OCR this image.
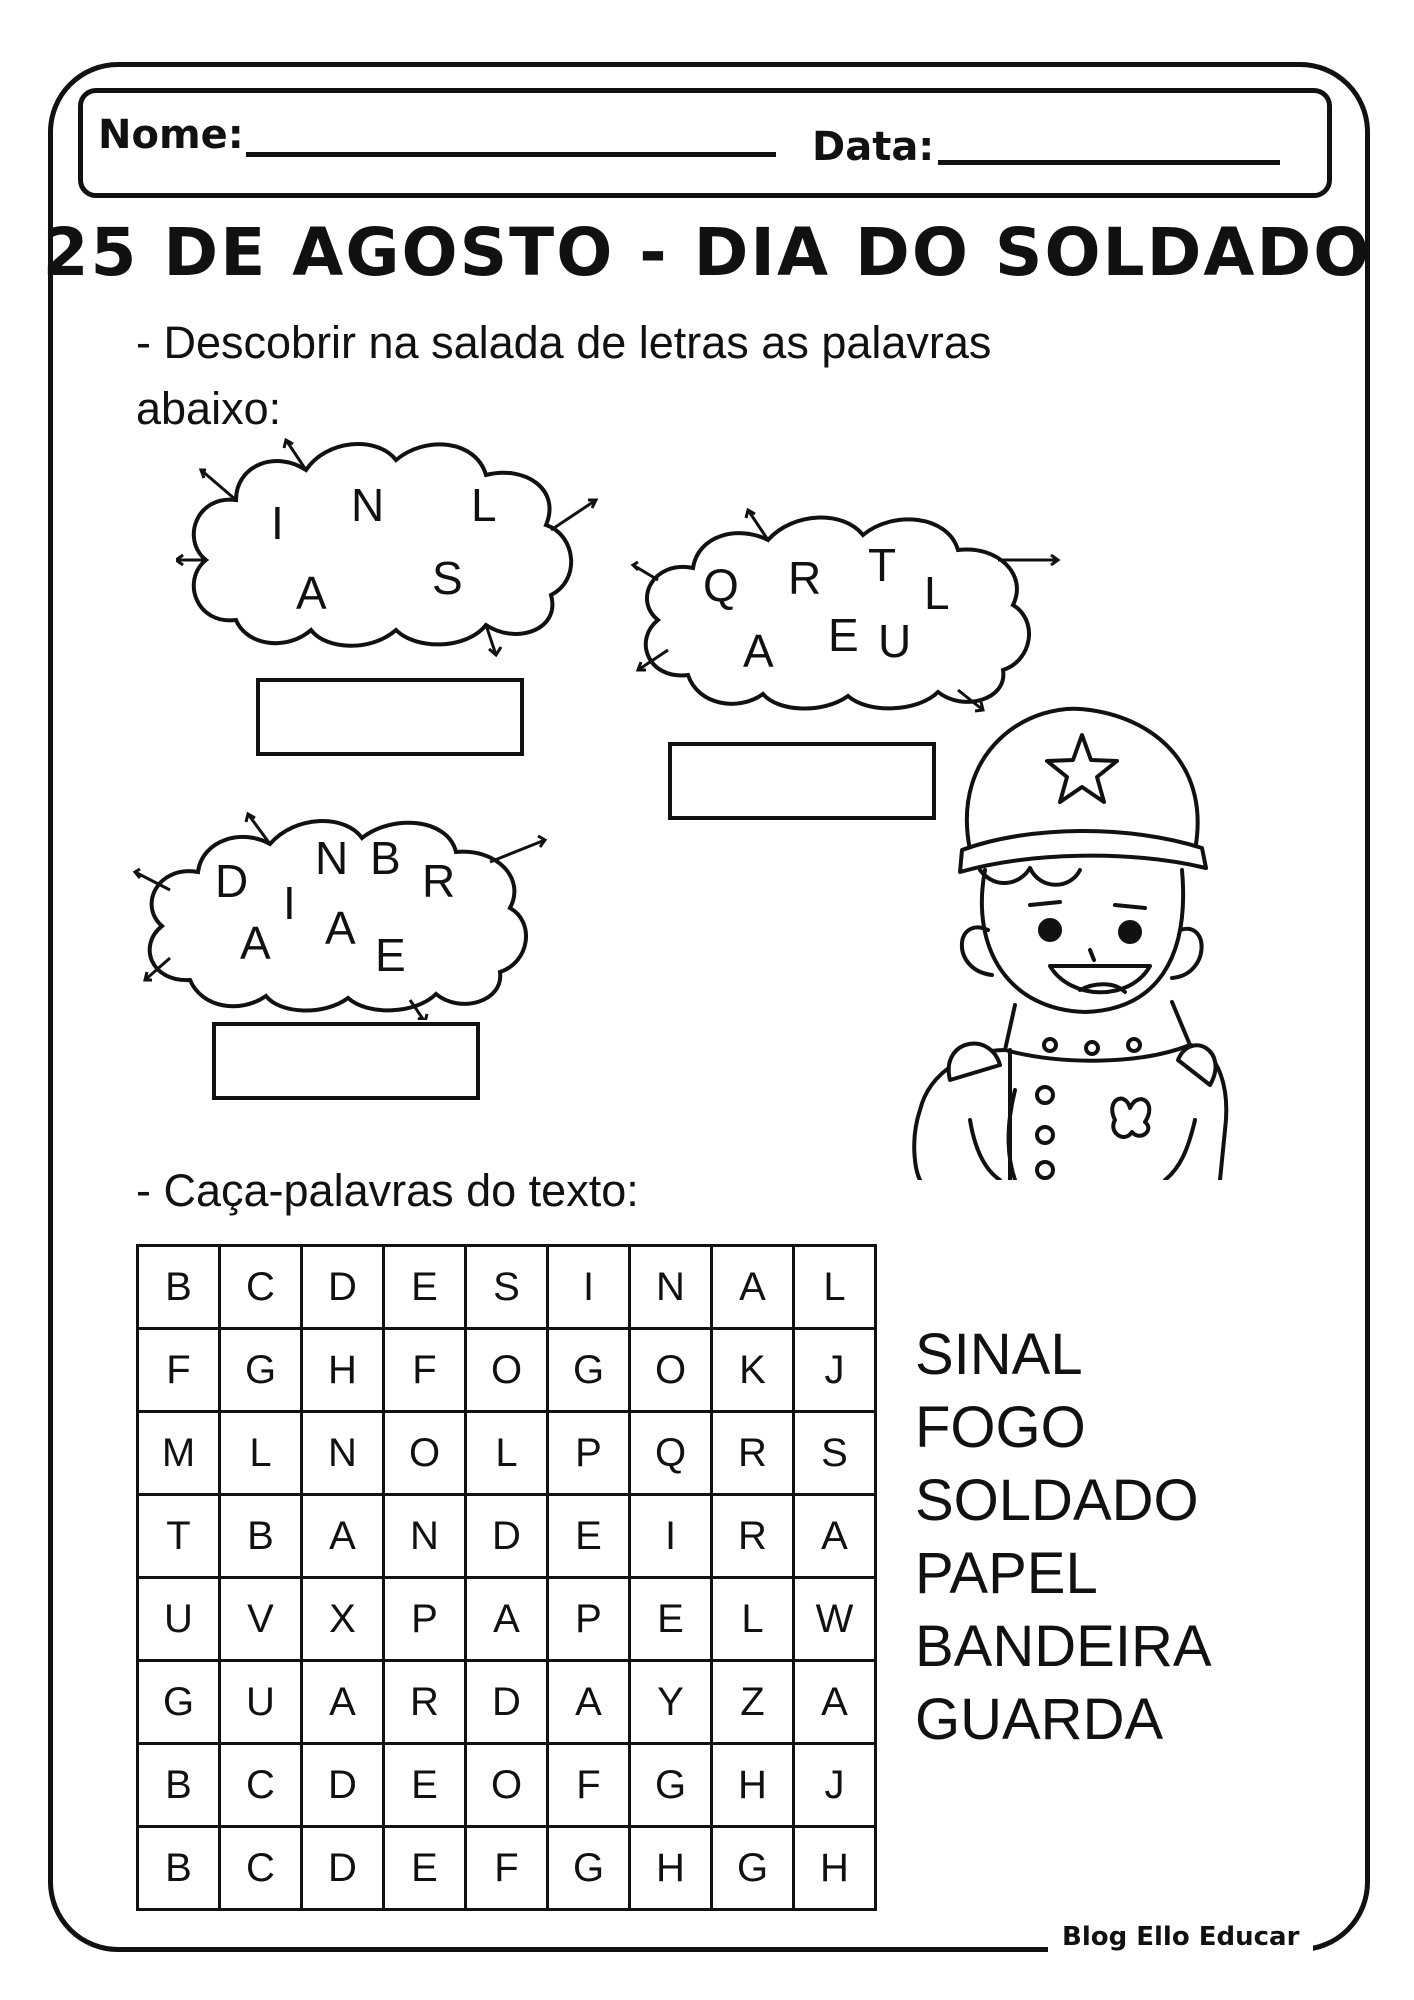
Nome:	Data:
25 DE AGOSTO - DIA DO SOLDADO
- Descobrir na salada de letras as palavras
abaixo:
I N L
A S	Q R T
L
A E U
D N B R
I
A A
E
- Caça-palavras do texto:
B	C	D	E	S	I	N	A	L
F	G	H	F	O	G	O	K	J
M	L	N	O	L	P	Q	R	S
T	B	A	N	D	E	I	R	A
U	V	X	P	A	P	E	L	W
G	U	A	R	D	A	Y	Z	A
B	C	D	E	O	F	G	H	J
B	C	D	E	F	G	H	G	H
SINAL
FOGO
SOLDADO
PAPEL
BANDEIRA
GUARDA
Blog Ello Educar
